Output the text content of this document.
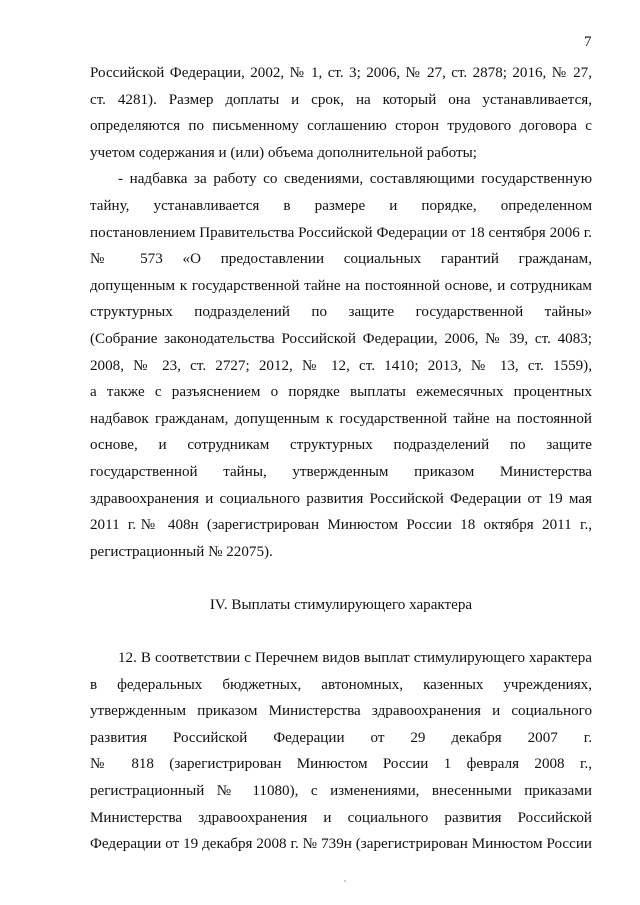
7
Российской Федерации, 2002, № 1, ст. 3; 2006, № 27, ст. 2878; 2016, № 27,
ст. 4281). Размер доплаты и срок, на который она устанавливается,
определяются по письменному соглашению сторон трудового договора с
учетом содержания и (или) объема дополнительной работы;
- надбавка за работу со сведениями, составляющими государственную
тайну, устанавливается в размере и порядке, определенном
постановлением Правительства Российской Федерации от 18 сентября 2006 г.
№ 573 «О предоставлении социальных гарантий гражданам,
допущенным к государственной тайне на постоянной основе, и сотрудникам
структурных подразделений по защите государственной тайны»
(Собрание законодательства Российской Федерации, 2006, № 39, ст. 4083;
2008, № 23, ст. 2727; 2012, № 12, ст. 1410; 2013, № 13, ст. 1559),
а также с разъяснением о порядке выплаты ежемесячных процентных
надбавок гражданам, допущенным к государственной тайне на постоянной
основе, и сотрудникам структурных подразделений по защите
государственной тайны, утвержденным приказом Министерства
здравоохранения и социального развития Российской Федерации от 19 мая
2011 г.№ 408н (зарегистрирован Минюстом России 18 октября 2011 г.,
регистрационный № 22075).
IV. Выплаты стимулирующего характера
12. В соответствии с Перечнем видов выплат стимулирующего характера
в федеральных бюджетных, автономных, казенных учреждениях,
утвержденным приказом Министерства здравоохранения и социального
развития Российской Федерации от 29 декабря 2007 г.
№ 818 (зарегистрирован Минюстом России 1 февраля 2008 г.,
регистрационный № 11080), с изменениями, внесенными приказами
Министерства здравоохранения и социального развития Российской
Федерации от 19 декабря 2008 г. № 739н (зарегистрирован Минюстом России
